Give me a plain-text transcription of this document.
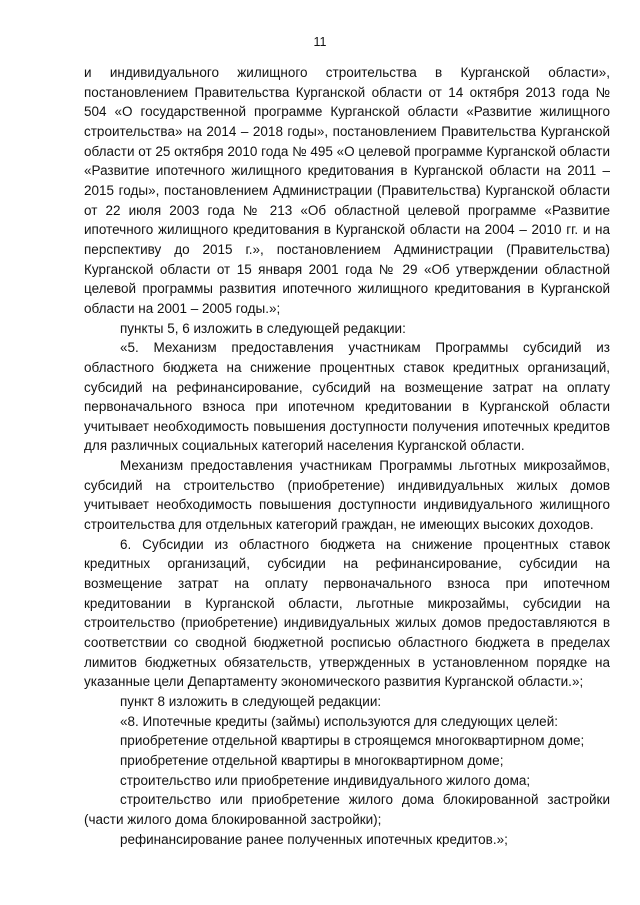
11

и индивидуального жилищного строительства в Курганской области», постановлением Правительства Курганской области от 14 октября 2013 года № 504 «О государственной программе Курганской области «Развитие жилищного строительства» на 2014 – 2018 годы», постановлением Правительства Курганской области от 25 октября 2010 года № 495 «О целевой программе Курганской области «Развитие ипотечного жилищного кредитования в Курганской области на 2011 – 2015 годы», постановлением Администрации (Правительства) Курганской области от 22 июля 2003 года № 213 «Об областной целевой программе «Развитие ипотечного жилищного кредитования в Курганской области на 2004 – 2010 гг. и на перспективу до 2015 г.», постановлением Администрации (Правительства) Курганской области от 15 января 2001 года № 29 «Об утверждении областной целевой программы развития ипотечного жилищного кредитования в Курганской области на 2001 – 2005 годы.»;

пункты 5, 6 изложить в следующей редакции:

«5. Механизм предоставления участникам Программы субсидий из областного бюджета на снижение процентных ставок кредитных организаций, субсидий на рефинансирование, субсидий на возмещение затрат на оплату первоначального взноса при ипотечном кредитовании в Курганской области учитывает необходимость повышения доступности получения ипотечных кредитов для различных социальных категорий населения Курганской области.

Механизм предоставления участникам Программы льготных микрозаймов, субсидий на строительство (приобретение) индивидуальных жилых домов учитывает необходимость повышения доступности индивидуального жилищного строительства для отдельных категорий граждан, не имеющих высоких доходов.

6. Субсидии из областного бюджета на снижение процентных ставок кредитных организаций, субсидии на рефинансирование, субсидии на возмещение затрат на оплату первоначального взноса при ипотечном кредитовании в Курганской области, льготные микрозаймы, субсидии на строительство (приобретение) индивидуальных жилых домов предоставляются в соответствии со сводной бюджетной росписью областного бюджета в пределах лимитов бюджетных обязательств, утвержденных в установленном порядке на указанные цели Департаменту экономического развития Курганской области.»;

пункт 8 изложить в следующей редакции:

«8. Ипотечные кредиты (займы) используются для следующих целей:

приобретение отдельной квартиры в строящемся многоквартирном доме;

приобретение отдельной квартиры в многоквартирном доме;

строительство или приобретение индивидуального жилого дома;

строительство или приобретение жилого дома блокированной застройки (части жилого дома блокированной застройки);

рефинансирование ранее полученных ипотечных кредитов.»;
